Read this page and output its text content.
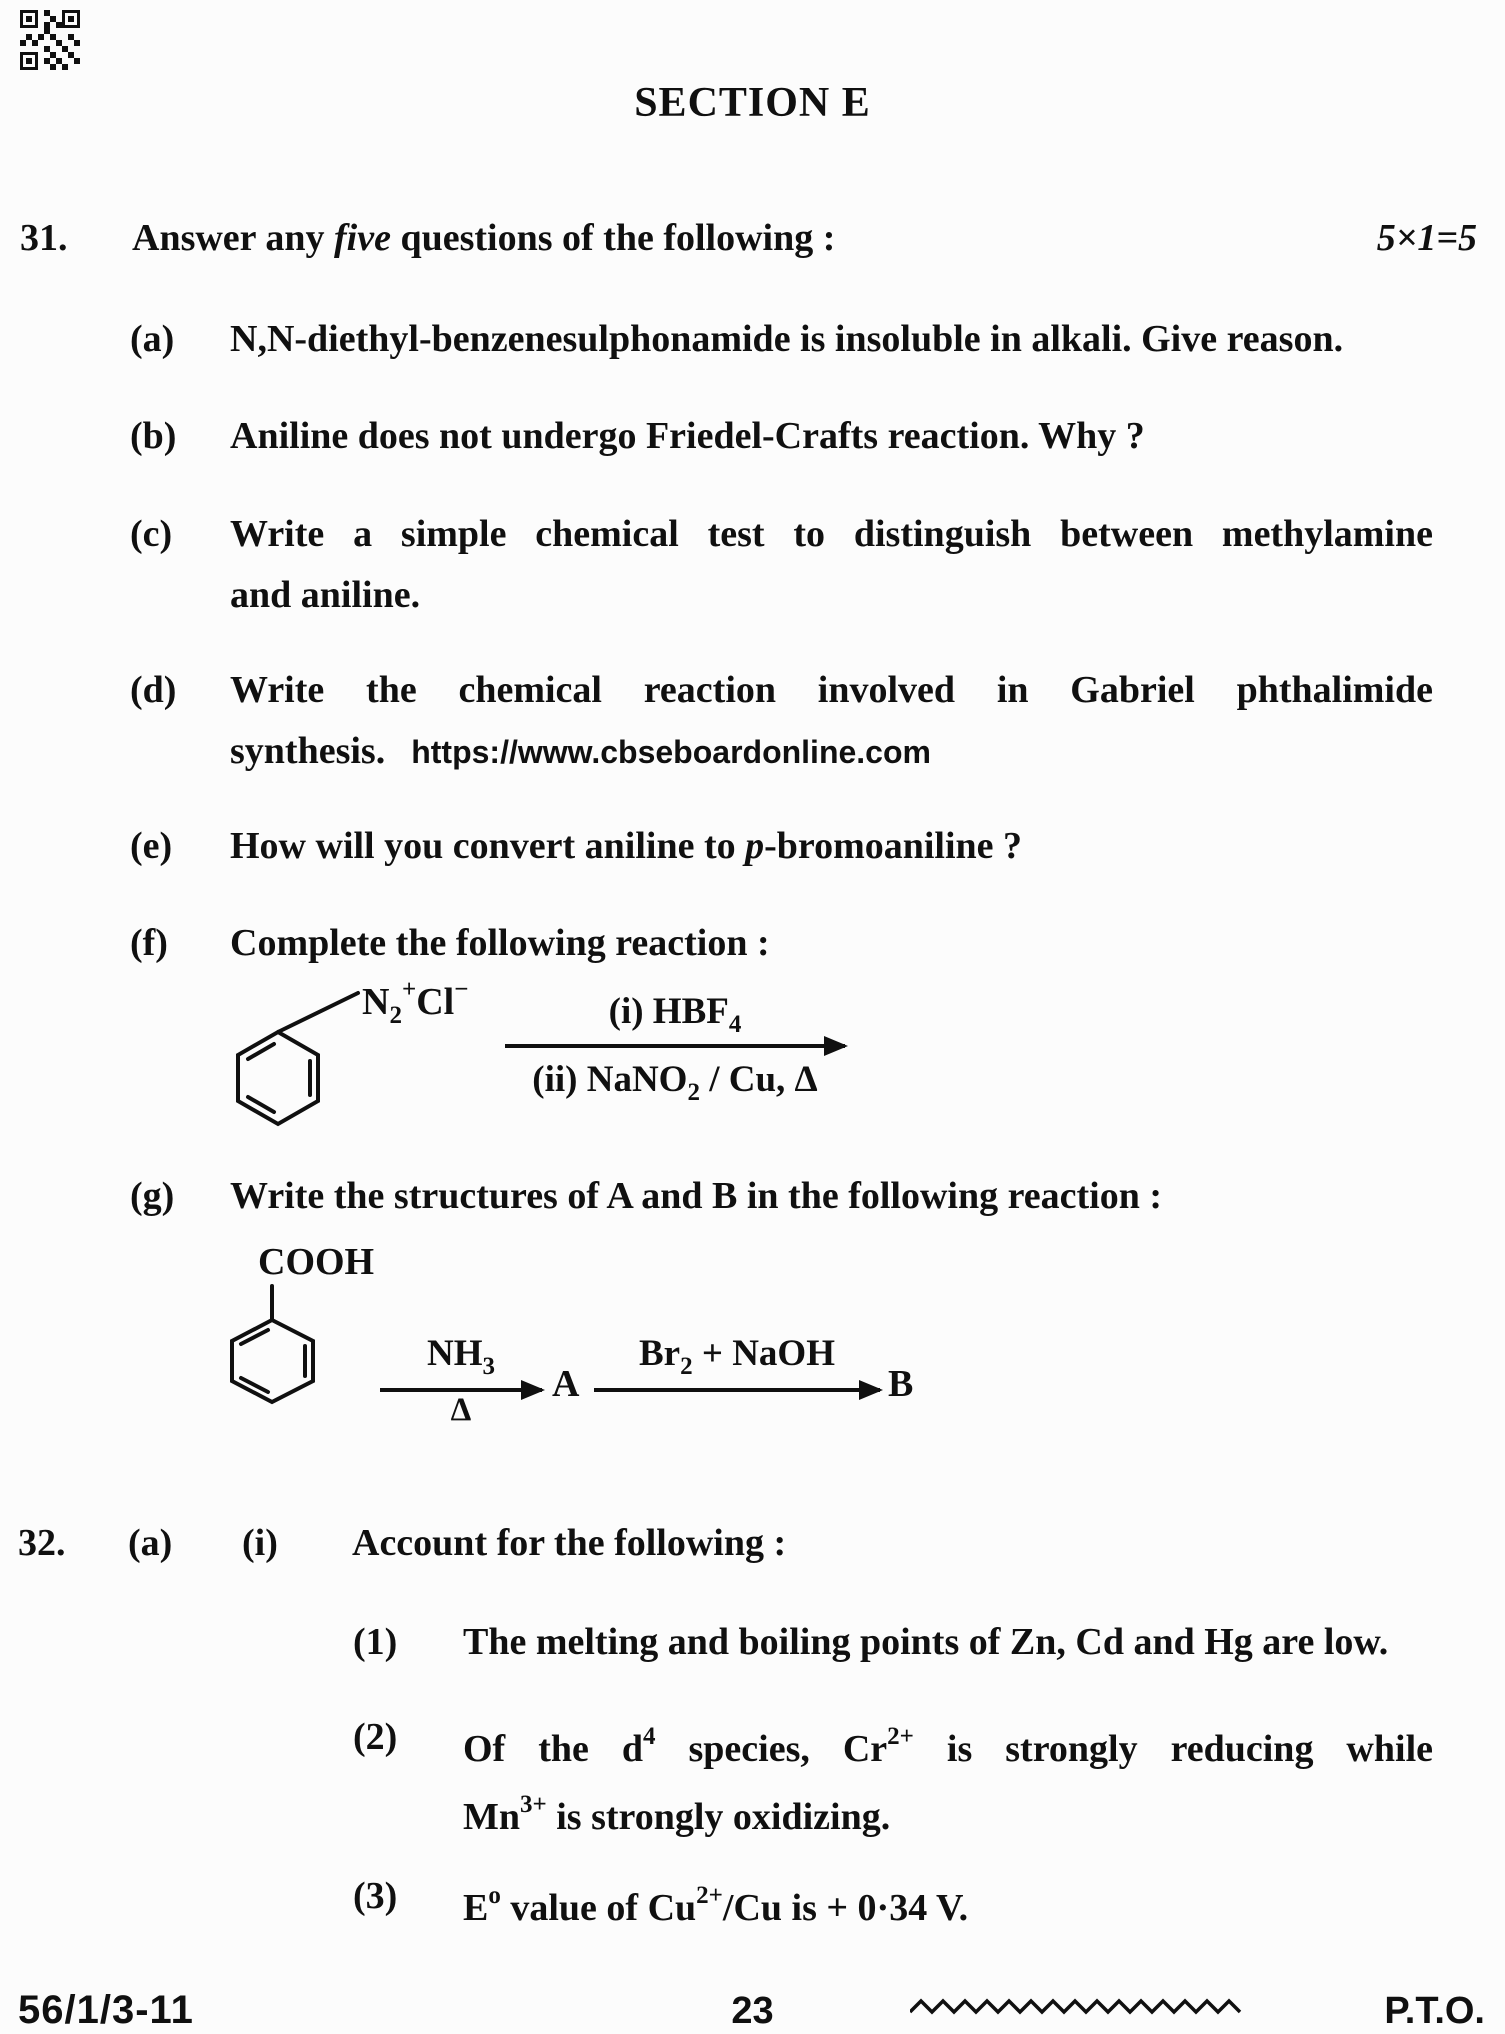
SECTION E
31. Answer any five questions of the following :	5×1=5
(a) N,N-diethyl-benzenesulphonamide is insoluble in alkali. Give reason.
(b) Aniline does not undergo Friedel-Crafts reaction. Why ?
(c) Write a simple chemical test to distinguish between methylamine
and aniline.
(d) Write the chemical reaction involved in Gabriel phthalimide
synthesis. https://www.cbseboardonline.com
(e) How will you convert aniline to p-bromoaniline ?
(f) Complete the following reaction :
$N_2^+Cl^-$
(i) $HBF_4$
(ii) NaNO$_2$ / Cu, Δ
(g) Write the structures of A and B in the following reaction :
COOH
$NH_3$
Δ
A
$Br_2$ + NaOH
B
32. (a) (i) Account for the following :
(1) The melting and boiling points of Zn, Cd and Hg are low.
(2) Of the $d^4$ species, $Cr^{2+}$ is strongly reducing while
$Mn^{3+}$ is strongly oxidizing.
(3) $E^o$ value of $Cu^{2+}/Cu$ is + 0·34 V.
56/1/3-11	23	P.T.O.
